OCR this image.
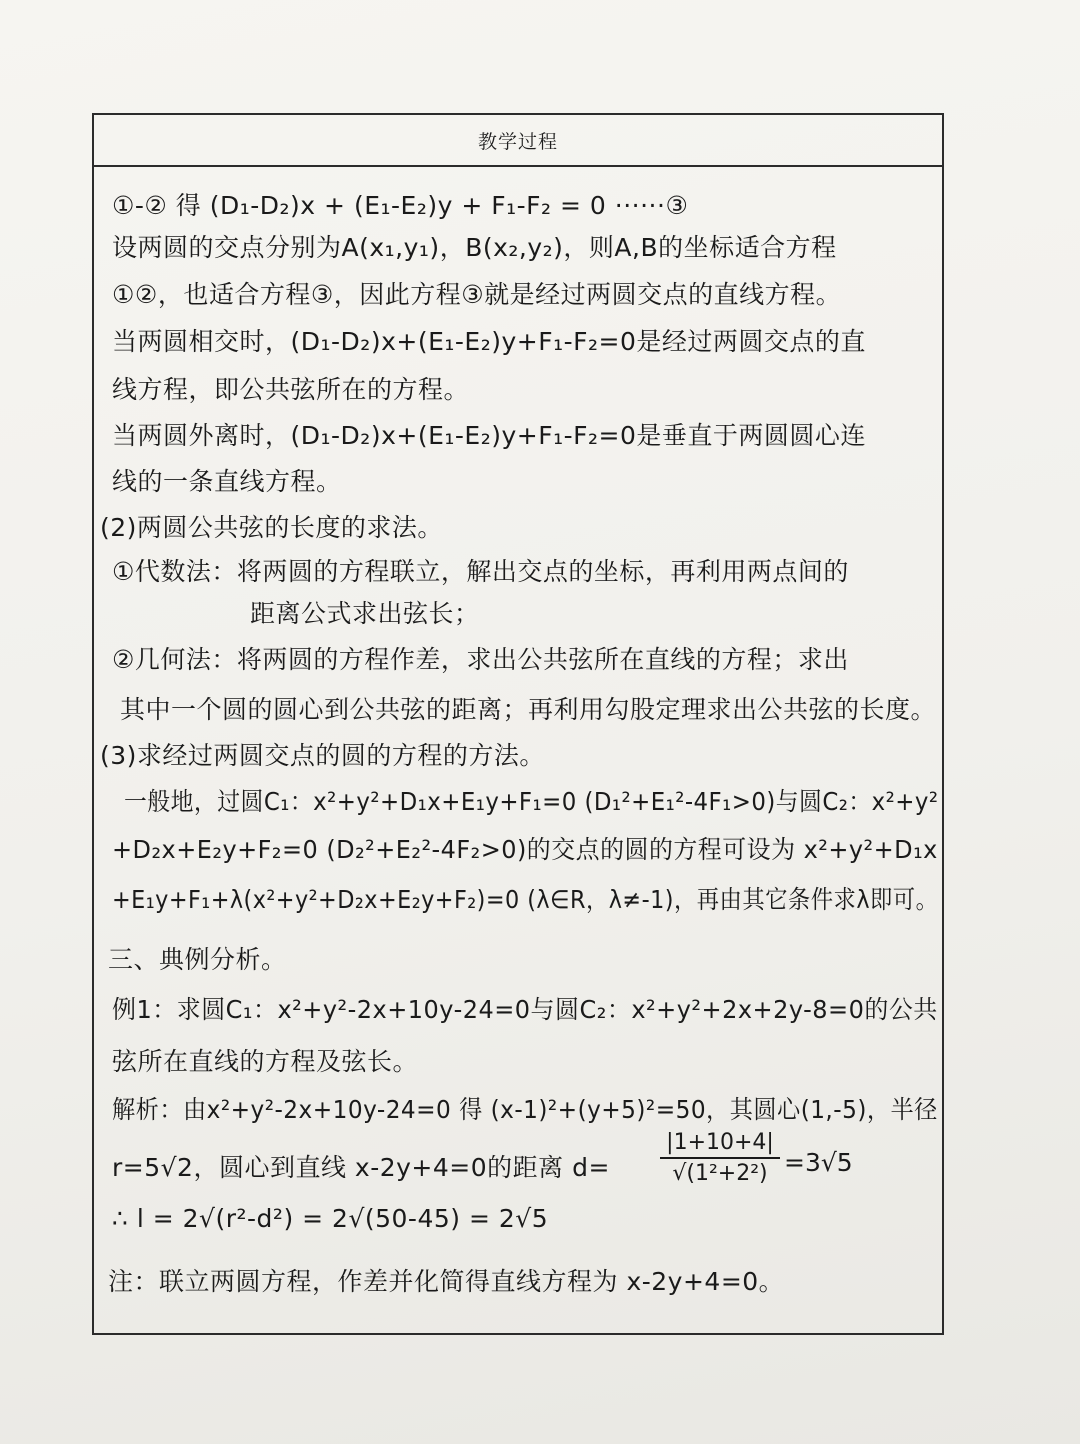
教学过程
①-② 得 (D₁-D₂)x + (E₁-E₂)y + F₁-F₂ = 0 ······③
设两圆的交点分别为A(x₁,y₁)，B(x₂,y₂)，则A,B的坐标适合方程
①②，也适合方程③，因此方程③就是经过两圆交点的直线方程。
当两圆相交时，(D₁-D₂)x+(E₁-E₂)y+F₁-F₂=0是经过两圆交点的直
线方程，即公共弦所在的方程。
当两圆外离时，(D₁-D₂)x+(E₁-E₂)y+F₁-F₂=0是垂直于两圆圆心连
线的一条直线方程。
(2)两圆公共弦的长度的求法。
①代数法：将两圆的方程联立，解出交点的坐标，再利用两点间的
距离公式求出弦长；
②几何法：将两圆的方程作差，求出公共弦所在直线的方程；求出
其中一个圆的圆心到公共弦的距离；再利用勾股定理求出公共弦的长度。
(3)求经过两圆交点的圆的方程的方法。
一般地，过圆C₁：x²+y²+D₁x+E₁y+F₁=0 (D₁²+E₁²-4F₁>0)与圆C₂：x²+y²
+D₂x+E₂y+F₂=0 (D₂²+E₂²-4F₂>0)的交点的圆的方程可设为 x²+y²+D₁x
+E₁y+F₁+λ(x²+y²+D₂x+E₂y+F₂)=0 (λ∈R，λ≠-1)，再由其它条件求λ即可。
三、典例分析。
例1：求圆C₁：x²+y²-2x+10y-24=0与圆C₂：x²+y²+2x+2y-8=0的公共
弦所在直线的方程及弦长。
解析：由x²+y²-2x+10y-24=0 得 (x-1)²+(y+5)²=50，其圆心(1,-5)，半径
r=5√2，圆心到直线 x-2y+4=0的距离 d=
∴ l = 2√(r²-d²) = 2√(50-45) = 2√5
注：联立两圆方程，作差并化简得直线方程为 x-2y+4=0。
$\frac{|1+10+4|}{\text{√(1²+2²)}} =3√5$
